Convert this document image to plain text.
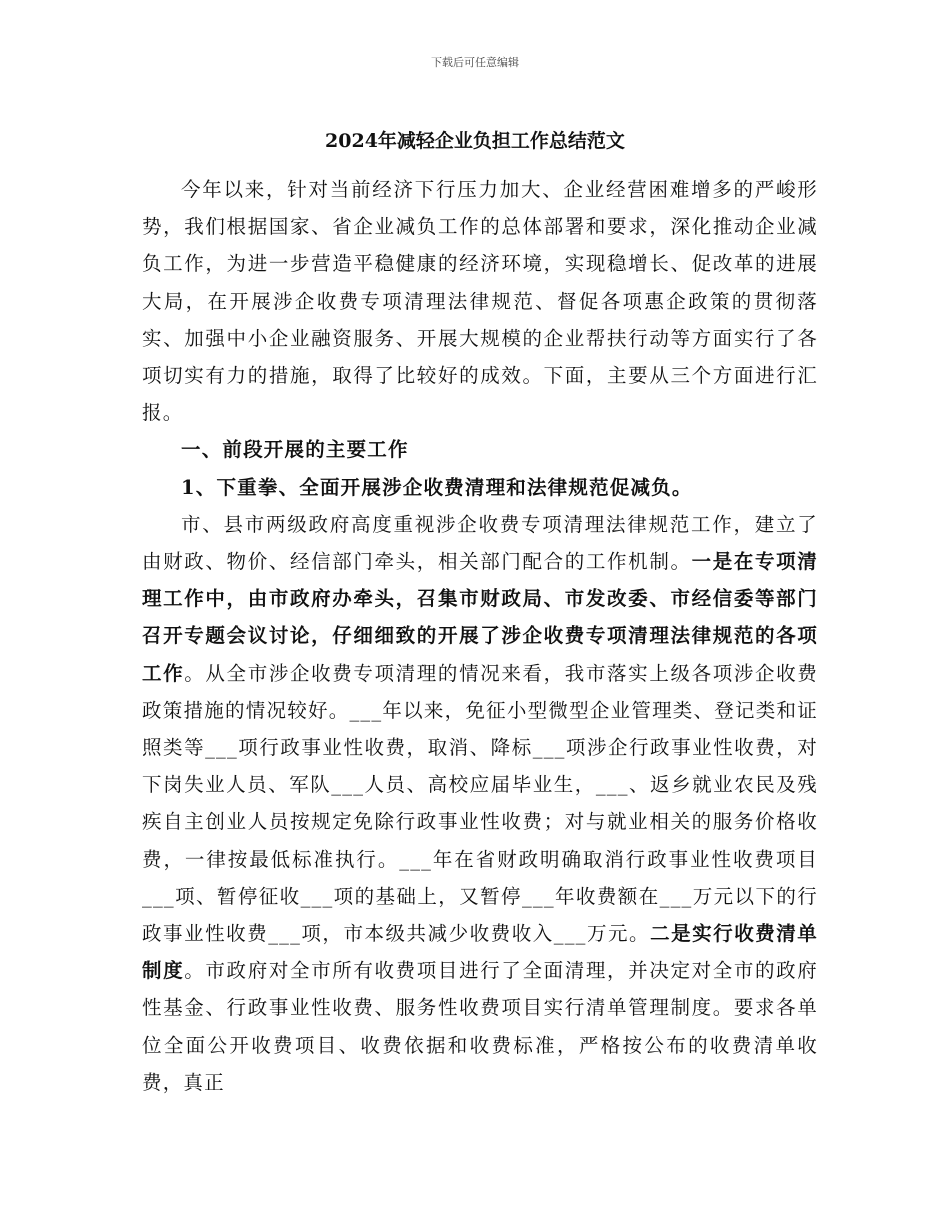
下载后可任意编辑
2024年减轻企业负担工作总结范文

今年以来，针对当前经济下行压力加大、企业经营困难增多的严峻形势，我们根据国家、省企业减负工作的总体部署和要求，深化推动企业减负工作，为进一步营造平稳健康的经济环境，实现稳增长、促改革的进展大局，在开展涉企收费专项清理法律规范、督促各项惠企政策的贯彻落实、加强中小企业融资服务、开展大规模的企业帮扶行动等方面实行了各项切实有力的措施，取得了比较好的成效。下面，主要从三个方面进行汇报。

一、前段开展的主要工作

1、下重拳、全面开展涉企收费清理和法律规范促减负。

市、县市两级政府高度重视涉企收费专项清理法律规范工作，建立了由财政、物价、经信部门牵头，相关部门配合的工作机制。一是在专项清理工作中，由市政府办牵头，召集市财政局、市发改委、市经信委等部门召开专题会议讨论，仔细细致的开展了涉企收费专项清理法律规范的各项工作。从全市涉企收费专项清理的情况来看，我市落实上级各项涉企收费政策措施的情况较好。___年以来，免征小型微型企业管理类、登记类和证照类等___项行政事业性收费，取消、降标___项涉企行政事业性收费，对下岗失业人员、军队___人员、高校应届毕业生，___、返乡就业农民及残疾自主创业人员按规定免除行政事业性收费；对与就业相关的服务价格收费，一律按最低标准执行。___年在省财政明确取消行政事业性收费项目___项、暂停征收___项的基础上，又暂停___年收费额在___万元以下的行政事业性收费___项，市本级共减少收费收入___万元。二是实行收费清单制度。市政府对全市所有收费项目进行了全面清理，并决定对全市的政府性基金、行政事业性收费、服务性收费项目实行清单管理制度。要求各单位全面公开收费项目、收费依据和收费标准，严格按公布的收费清单收费，真正
